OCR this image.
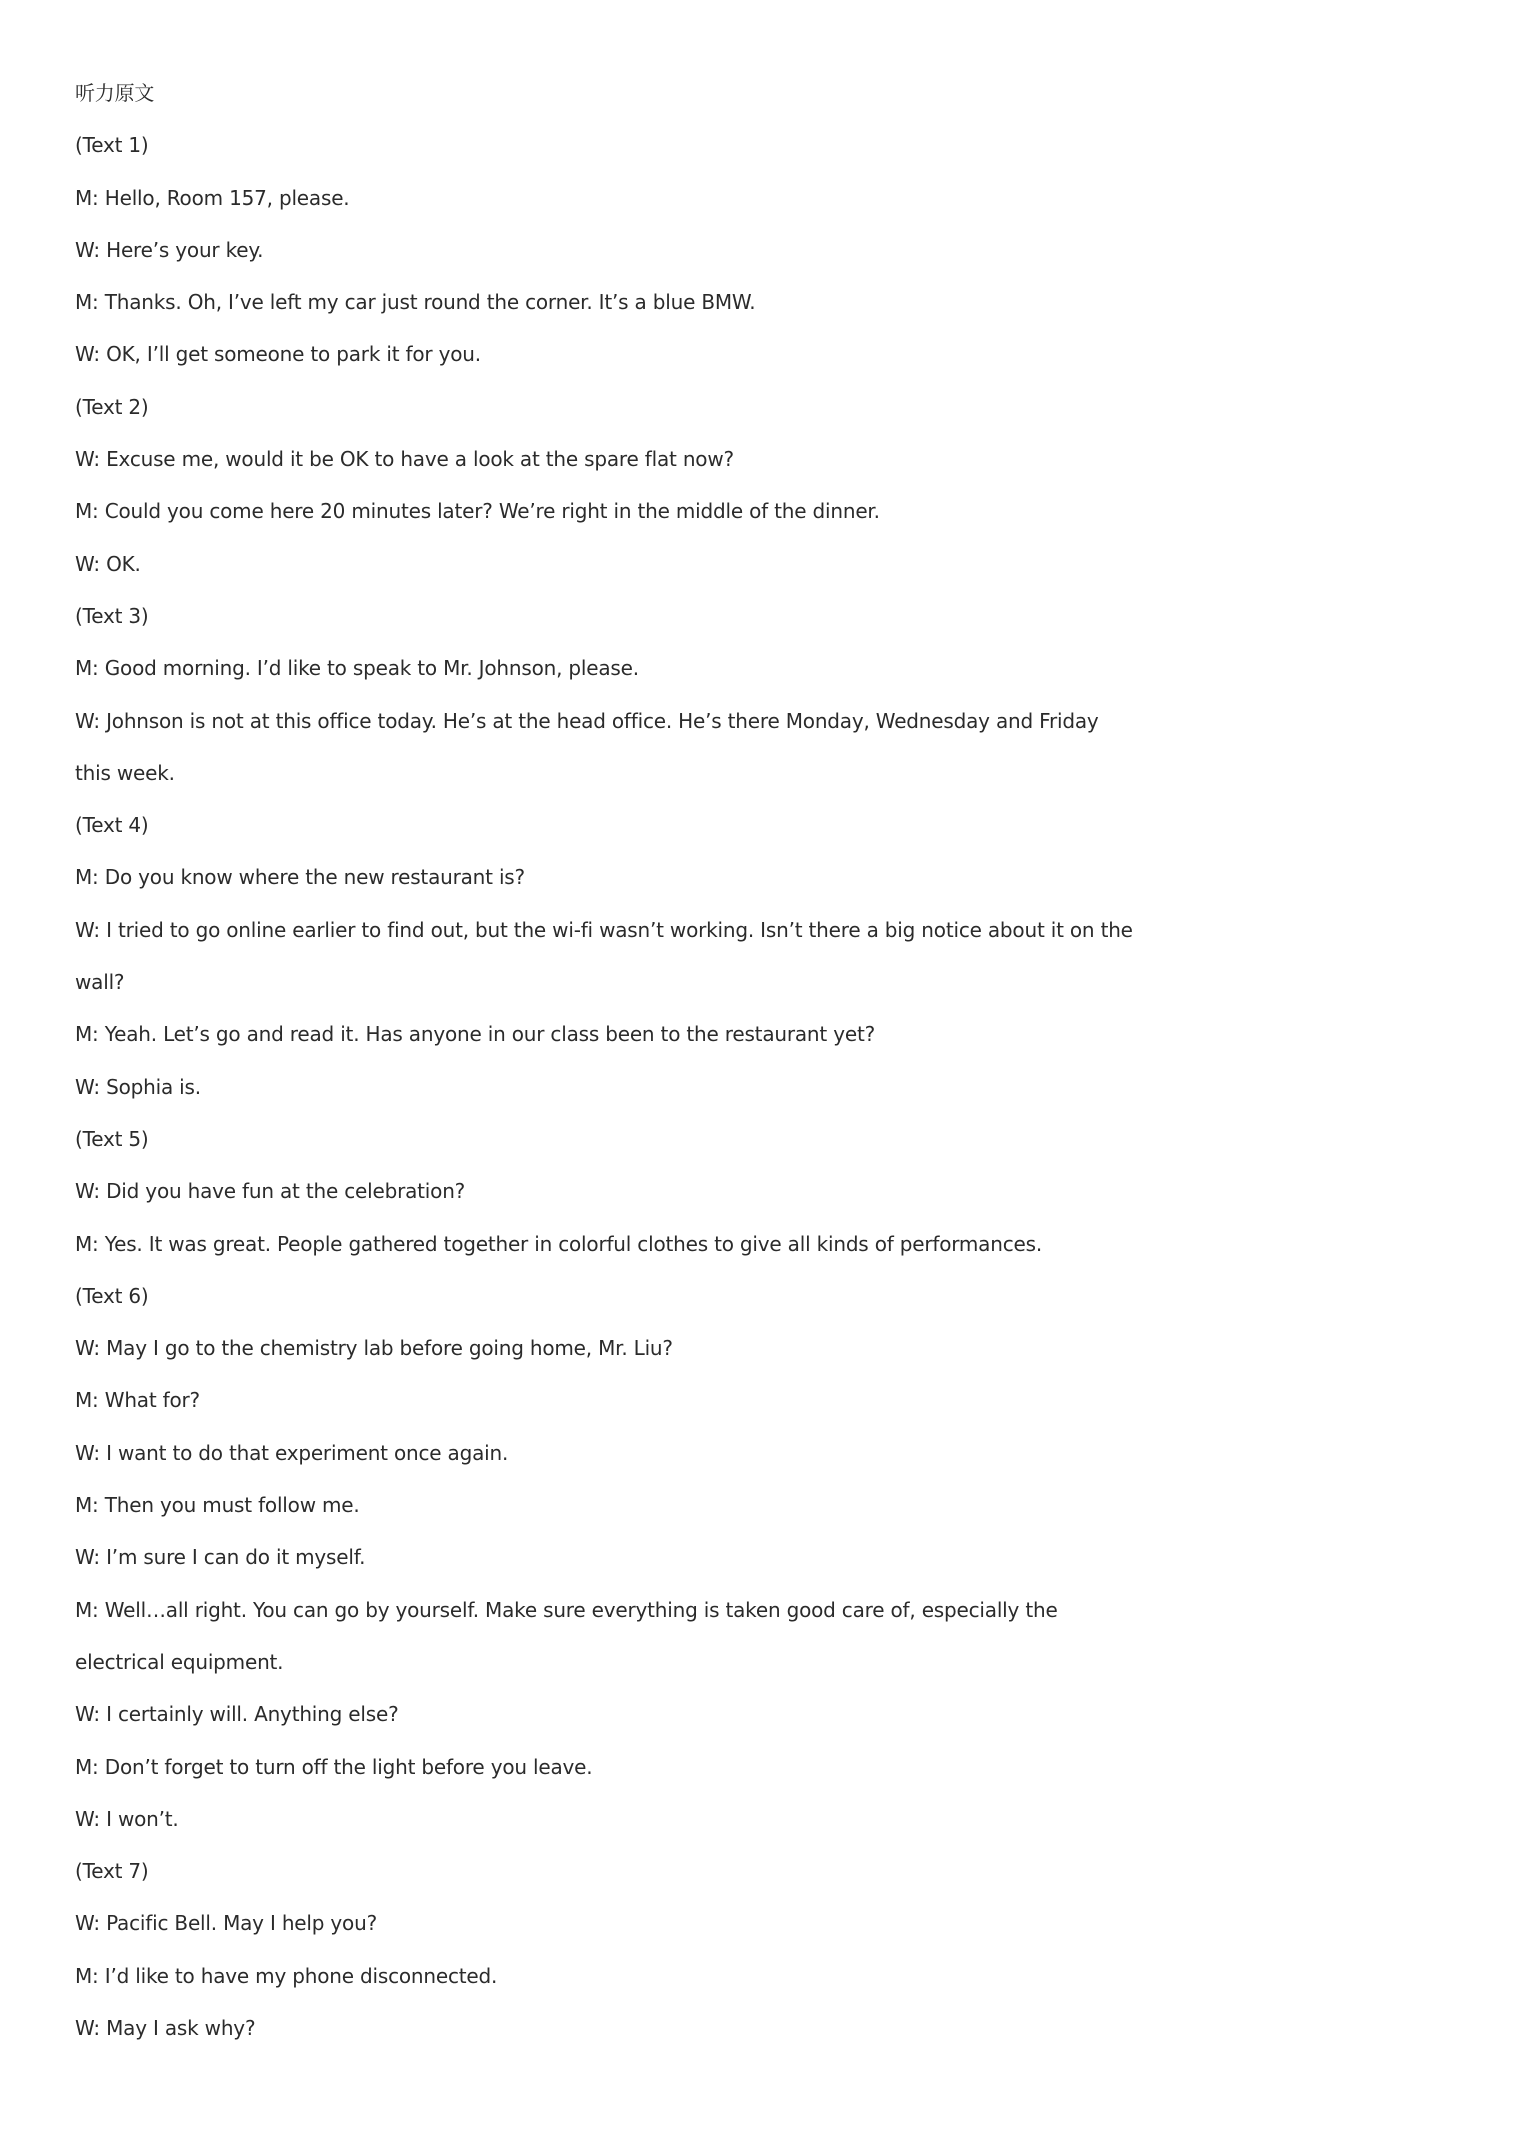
听力原文
(Text 1)
M: Hello, Room 157, please.
W: Here’s your key.
M: Thanks. Oh, I’ve left my car just round the corner. It’s a blue BMW.
W: OK, I’ll get someone to park it for you.
(Text 2)
W: Excuse me, would it be OK to have a look at the spare flat now?
M: Could you come here 20 minutes later? We’re right in the middle of the dinner.
W: OK.
(Text 3)
M: Good morning. I’d like to speak to Mr. Johnson, please.
W: Johnson is not at this office today. He’s at the head office. He’s there Monday, Wednesday and Friday
this week.
(Text 4)
M: Do you know where the new restaurant is?
W: I tried to go online earlier to find out, but the wi-fi wasn’t working. Isn’t there a big notice about it on the
wall?
M: Yeah. Let’s go and read it. Has anyone in our class been to the restaurant yet?
W: Sophia is.
(Text 5)
W: Did you have fun at the celebration?
M: Yes. It was great. People gathered together in colorful clothes to give all kinds of performances.
(Text 6)
W: May I go to the chemistry lab before going home, Mr. Liu?
M: What for?
W: I want to do that experiment once again.
M: Then you must follow me.
W: I’m sure I can do it myself.
M: Well…all right. You can go by yourself. Make sure everything is taken good care of, especially the
electrical equipment.
W: I certainly will. Anything else?
M: Don’t forget to turn off the light before you leave.
W: I won’t.
(Text 7)
W: Pacific Bell. May I help you?
M: I’d like to have my phone disconnected.
W: May I ask why?
